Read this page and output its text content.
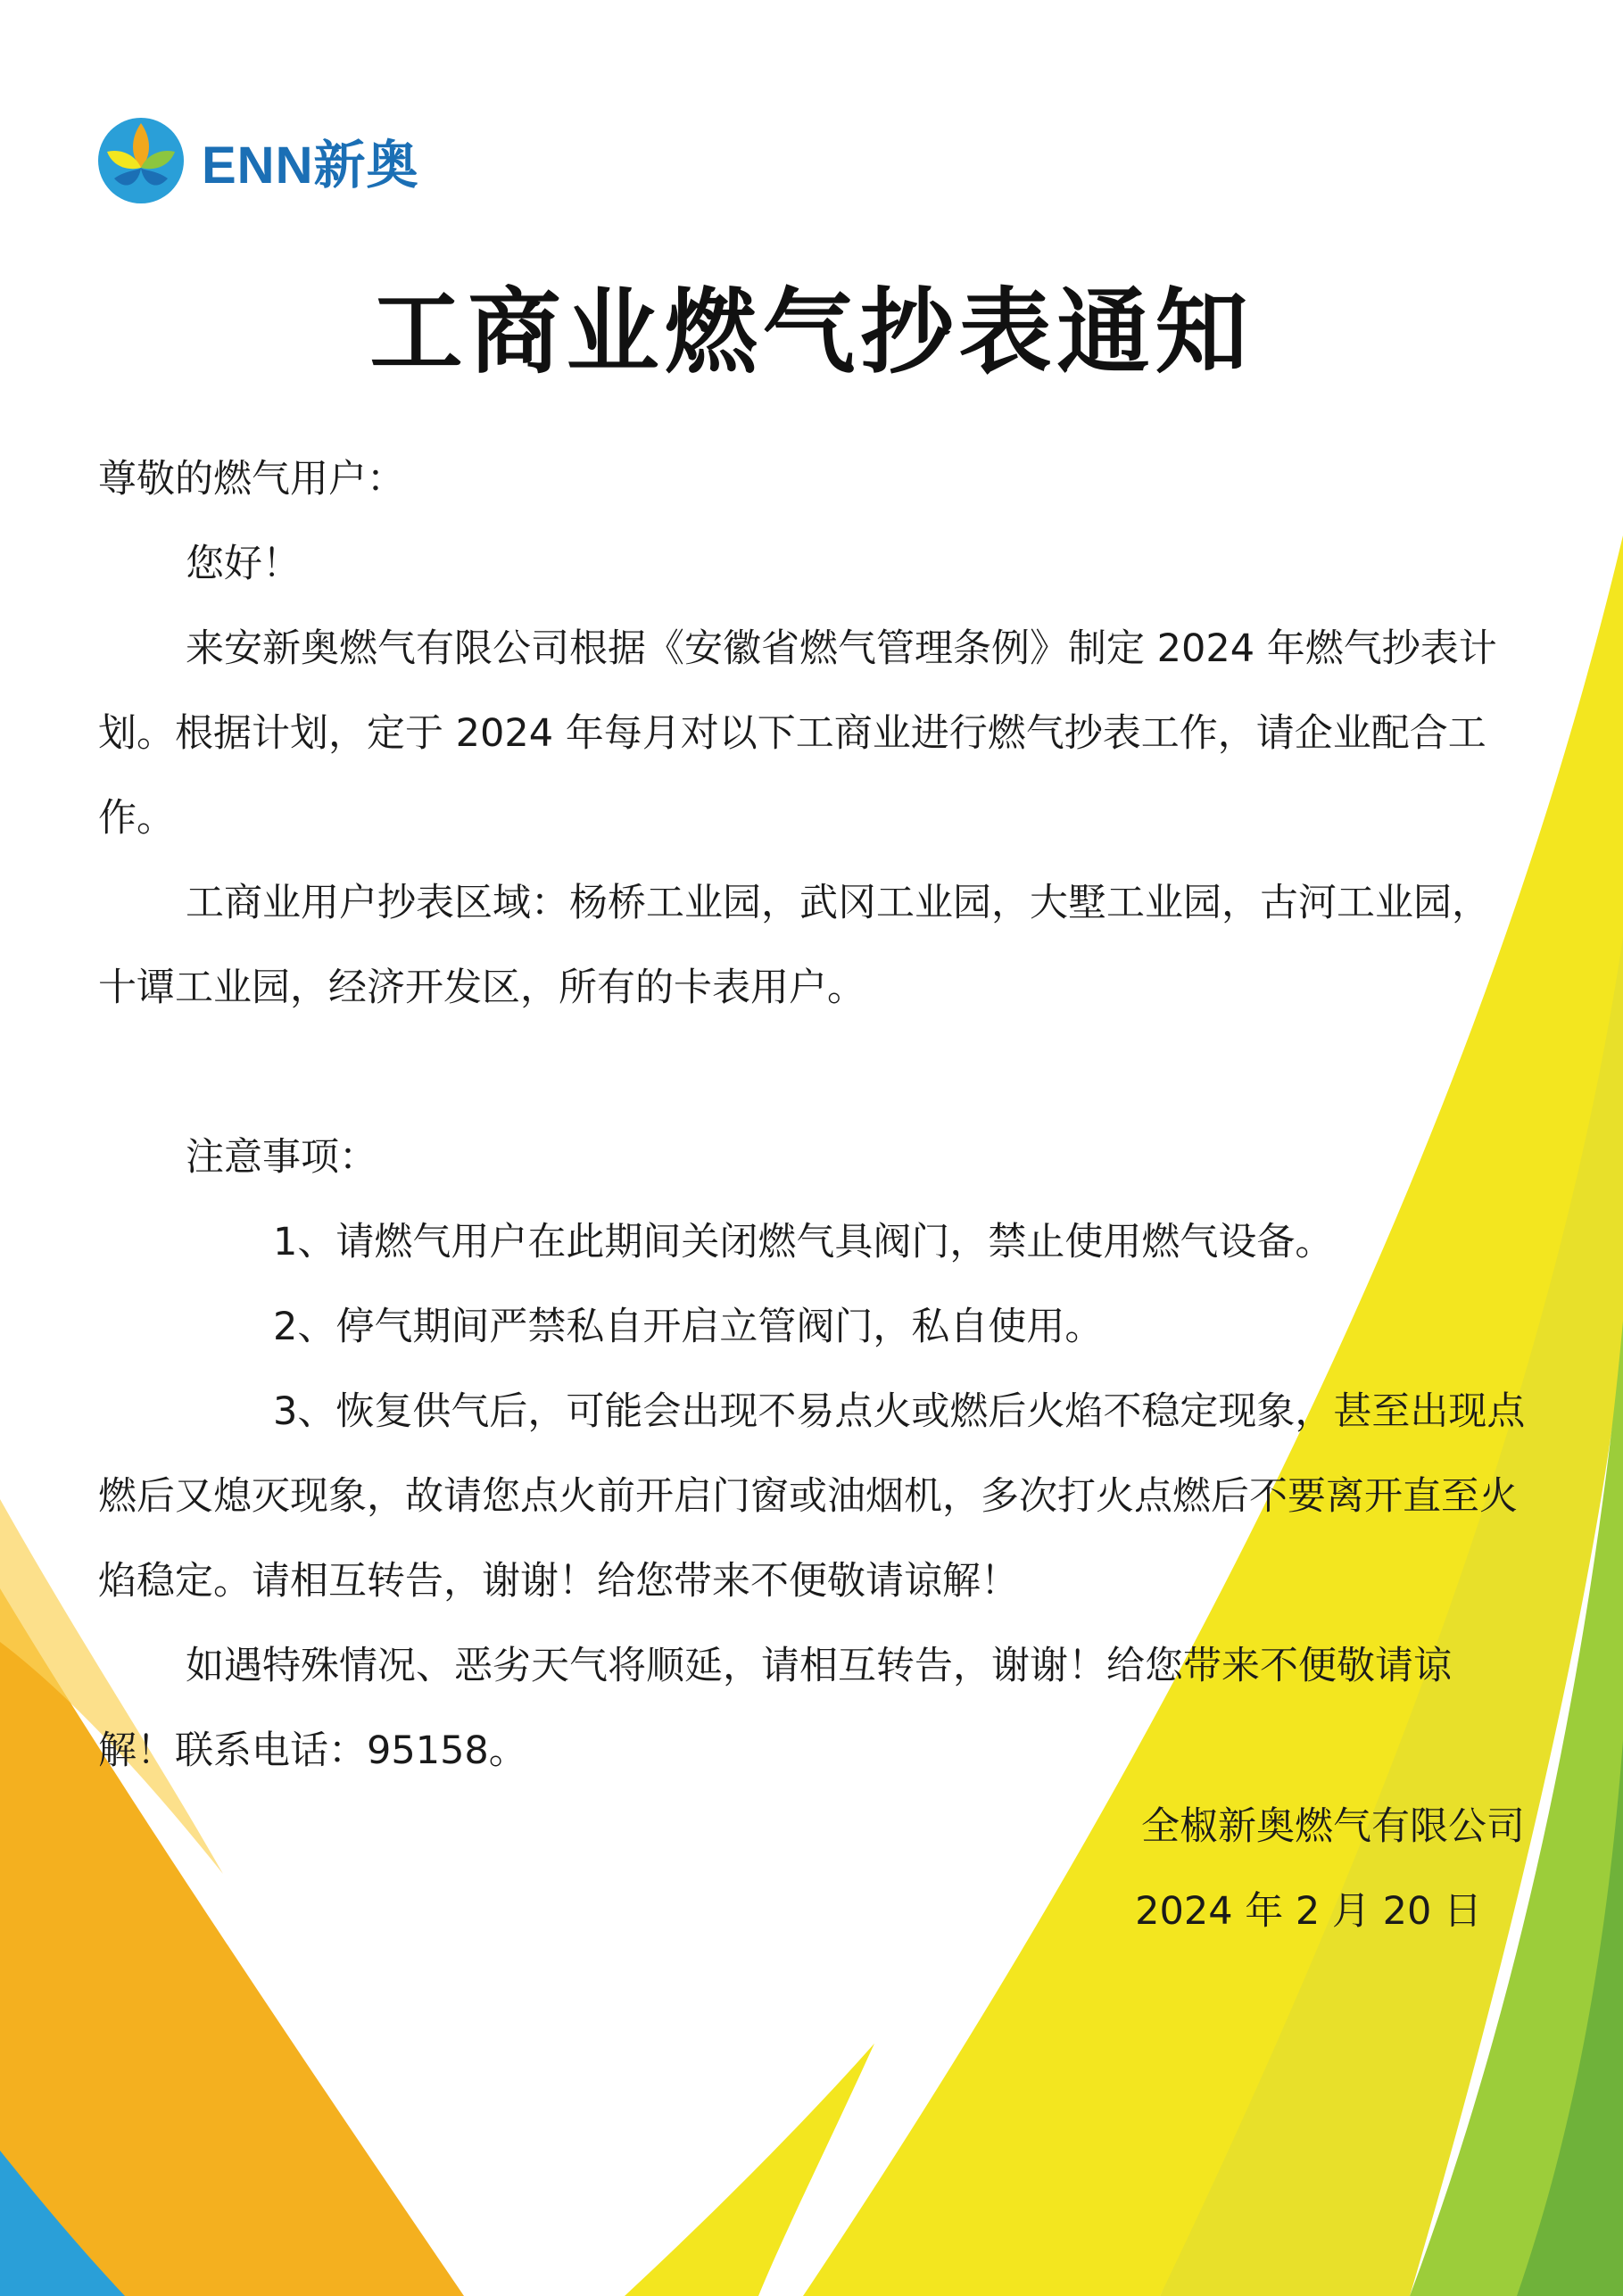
ENN新奥
工商业燃气抄表通知

尊敬的燃气用户：

您好！

来安新奥燃气有限公司根据《安徽省燃气管理条例》制定 2024 年燃气抄表计划。根据计划，定于 2024 年每月对以下工商业进行燃气抄表工作，请企业配合工作。

工商业用户抄表区域：杨桥工业园，武冈工业园，大墅工业园，古河工业园，十谭工业园，经济开发区，所有的卡表用户。

注意事项：

1、请燃气用户在此期间关闭燃气具阀门，禁止使用燃气设备。

2、停气期间严禁私自开启立管阀门，私自使用。

3、恢复供气后，可能会出现不易点火或燃后火焰不稳定现象，甚至出现点燃后又熄灭现象，故请您点火前开启门窗或油烟机，多次打火点燃后不要离开直至火焰稳定。请相互转告，谢谢！给您带来不便敬请谅解！

如遇特殊情况、恶劣天气将顺延，请相互转告，谢谢！给您带来不便敬请谅解！联系电话：95158。

全椒新奥燃气有限公司

2024 年 2 月 20 日
